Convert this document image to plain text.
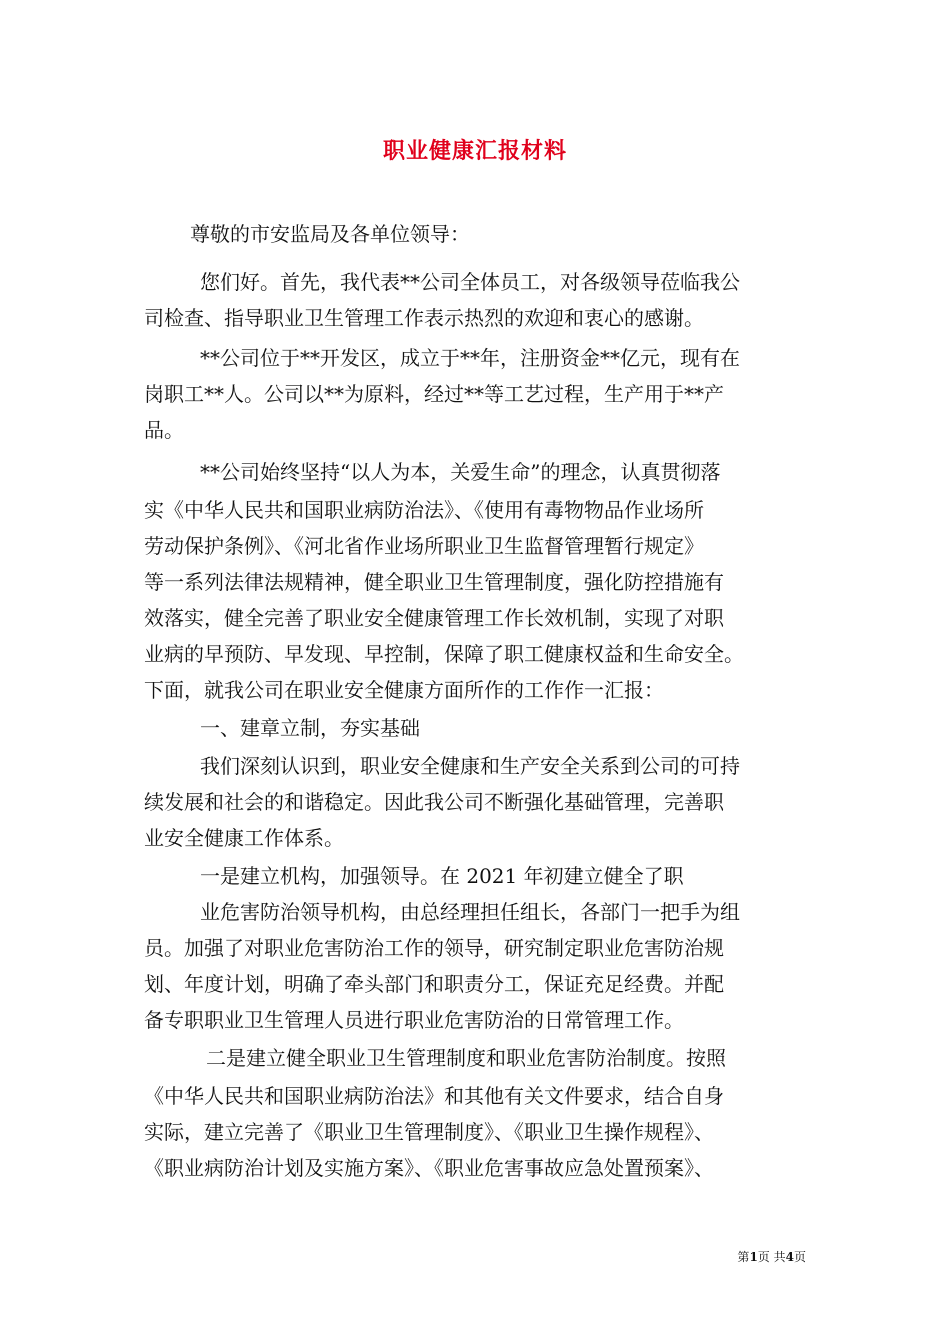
职业健康汇报材料

尊敬的市安监局及各单位领导：

您们好。首先，我代表**公司全体员工，对各级领导莅临我公

司检查、指导职业卫生管理工作表示热烈的欢迎和衷心的感谢。

**公司位于**开发区，成立于**年，注册资金**亿元，现有在

岗职工**人。公司以**为原料，经过**等工艺过程，生产用于**产

品。

**公司始终坚持“以人为本，关爱生命”的理念，认真贯彻落

实《中华人民共和国职业病防治法》、《使用有毒物物品作业场所

劳动保护条例》、《河北省作业场所职业卫生监督管理暂行规定》

等一系列法律法规精神，健全职业卫生管理制度，强化防控措施有

效落实，健全完善了职业安全健康管理工作长效机制，实现了对职

业病的早预防、早发现、早控制，保障了职工健康权益和生命安全。

下面，就我公司在职业安全健康方面所作的工作作一汇报：

一、建章立制，夯实基础

我们深刻认识到，职业安全健康和生产安全关系到公司的可持

续发展和社会的和谐稳定。因此我公司不断强化基础管理，完善职

业安全健康工作体系。

一是建立机构，加强领导。在 2021 年初建立健全了职

业危害防治领导机构，由总经理担任组长，各部门一把手为组

员。加强了对职业危害防治工作的领导，研究制定职业危害防治规

划、年度计划，明确了牵头部门和职责分工，保证充足经费。并配

备专职职业卫生管理人员进行职业危害防治的日常管理工作。

二是建立健全职业卫生管理制度和职业危害防治制度。按照

《中华人民共和国职业病防治法》和其他有关文件要求，结合自身

实际，建立完善了《职业卫生管理制度》、《职业卫生操作规程》、

《职业病防治计划及实施方案》、《职业危害事故应急处置预案》、

第1页 共4页
